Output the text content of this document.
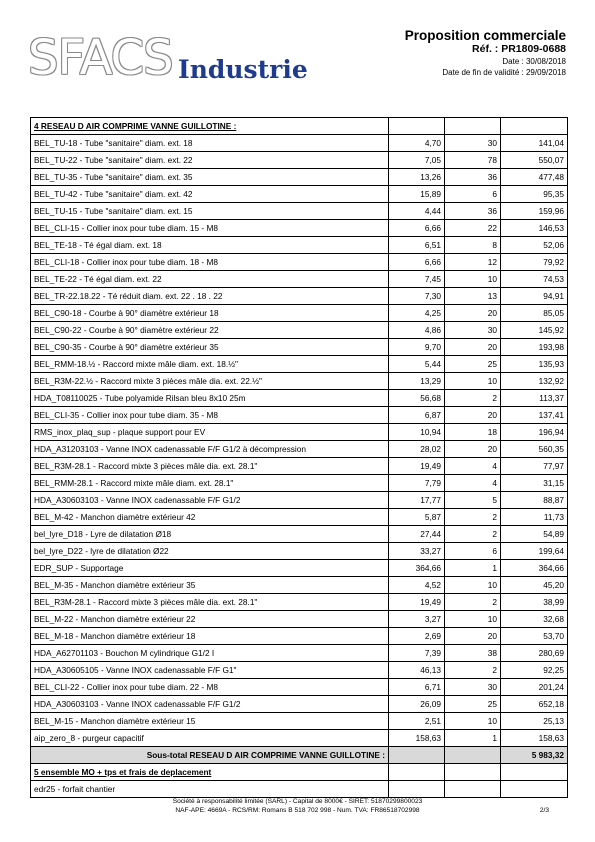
SFACS Industrie
Proposition commerciale
Réf. : PR1809-0688
Date : 30/08/2018
Date de fin de validité : 29/09/2018
4 RESEAU D AIR COMPRIME VANNE GUILLOTINE :			
BEL_TU-18 - Tube "sanitaire" diam. ext. 18	4,70	30	141,04
BEL_TU-22 - Tube "sanitaire" diam. ext. 22	7,05	78	550,07
BEL_TU-35 - Tube "sanitaire" diam. ext. 35	13,26	36	477,48
BEL_TU-42 - Tube "sanitaire" diam. ext. 42	15,89	6	95,35
BEL_TU-15 - Tube "sanitaire" diam. ext. 15	4,44	36	159,96
BEL_CLI-15 - Collier inox pour tube diam. 15 - M8	6,66	22	146,53
BEL_TE-18 - Té égal diam. ext. 18	6,51	8	52,06
BEL_CLI-18 - Collier inox pour tube diam. 18 - M8	6,66	12	79,92
BEL_TE-22 - Té égal diam. ext. 22	7,45	10	74,53
BEL_TR-22.18.22 - Té réduit diam. ext. 22 . 18 . 22	7,30	13	94,91
BEL_C90-18 - Courbe à 90° diamètre extérieur 18	4,25	20	85,05
BEL_C90-22 - Courbe à 90° diamètre extérieur 22	4,86	30	145,92
BEL_C90-35 - Courbe à 90° diamètre extérieur 35	9,70	20	193,98
BEL_RMM-18.½ - Raccord mixte mâle diam. ext. 18.½"	5,44	25	135,93
BEL_R3M-22.½ - Raccord mixte 3 pièces mâle dia. ext. 22.½"	13,29	10	132,92
HDA_T08110025 - Tube polyamide Rilsan bleu 8x10 25m	56,68	2	113,37
BEL_CLI-35 - Collier inox pour tube diam. 35 - M8	6,87	20	137,41
RMS_inox_plaq_sup - plaque support pour EV	10,94	18	196,94
HDA_A31203103 - Vanne INOX cadenassable F/F G1/2 à décompression	28,02	20	560,35
BEL_R3M-28.1 - Raccord mixte 3 pièces mâle dia. ext. 28.1"	19,49	4	77,97
BEL_RMM-28.1 - Raccord mixte mâle diam. ext. 28.1"	7,79	4	31,15
HDA_A30603103 - Vanne INOX cadenassable F/F G1/2	17,77	5	88,87
BEL_M-42 - Manchon diamètre extérieur 42	5,87	2	11,73
bel_lyre_D18 - Lyre de dilatation Ø18	27,44	2	54,89
bel_lyre_D22 - lyre de dilatation Ø22	33,27	6	199,64
EDR_SUP - Supportage	364,66	1	364,66
BEL_M-35 - Manchon diamètre extérieur 35	4,52	10	45,20
BEL_R3M-28.1 - Raccord mixte 3 pièces mâle dia. ext. 28.1"	19,49	2	38,99
BEL_M-22 - Manchon diamètre extérieur 22	3,27	10	32,68
BEL_M-18 - Manchon diamètre extérieur 18	2,69	20	53,70
HDA_A62701103 - Bouchon M cylindrique G1/2 I	7,39	38	280,69
HDA_A30605105 - Vanne INOX cadenassable F/F G1"	46,13	2	92,25
BEL_CLI-22 - Collier inox pour tube diam. 22 - M8	6,71	30	201,24
HDA_A30603103 - Vanne INOX cadenassable F/F G1/2	26,09	25	652,18
BEL_M-15 - Manchon diamètre extérieur 15	2,51	10	25,13
aip_zero_8 - purgeur capacitif	158,63	1	158,63
Sous-total RESEAU D AIR COMPRIME VANNE GUILLOTINE :			5 983,32
5 ensemble MO + tps et frais de deplacement			
edr25 - forfait chantier			
Société à responsabilité limitée (SARL) - Capital de 8000€ - SIRET: 51870299800023
NAF-APE: 4669A - RCS/RM: Romans B 518 702 998 - Num. TVA: FR86518702998	2/3
